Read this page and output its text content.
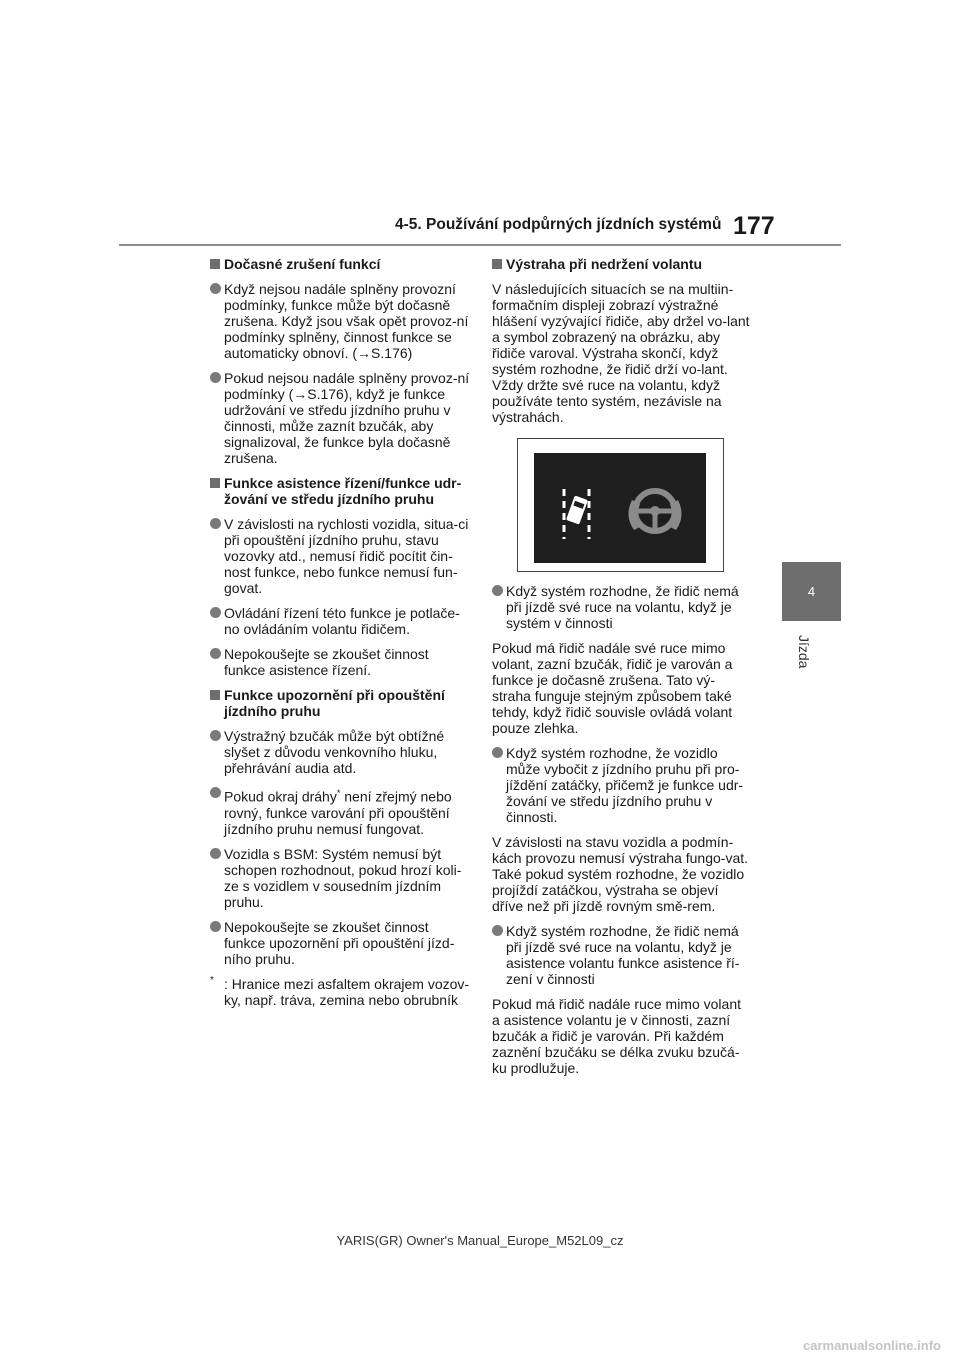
4-5. Používání podpůrných jízdních systémů 177
4
Jízda
Dočasné zrušení funkcí
Když nejsou nadále splněny provozní podmínky, funkce může být dočasně zrušena. Když jsou však opět provoz-ní podmínky splněny, činnost funkce se automaticky obnoví. (→S.176)
Pokud nejsou nadále splněny provoz-ní podmínky (→S.176), když je funkce udržování ve středu jízdního pruhu v činnosti, může zaznít bzučák, aby signalizoval, že funkce byla dočasně zrušena.
Funkce asistence řízení/funkce udr-žování ve středu jízdního pruhu
V závislosti na rychlosti vozidla, situa-ci při opouštění jízdního pruhu, stavu vozovky atd., nemusí řidič pocítit čin-nost funkce, nebo funkce nemusí fun-govat.
Ovládání řízení této funkce je potlače-no ovládáním volantu řidičem.
Nepokoušejte se zkoušet činnost funkce asistence řízení.
Funkce upozornění při opouštění jízdního pruhu
Výstražný bzučák může být obtížné slyšet z důvodu venkovního hluku, přehrávání audia atd.
Pokud okraj dráhy* není zřejmý nebo rovný, funkce varování při opouštění jízdního pruhu nemusí fungovat.
Vozidla s BSM: Systém nemusí být schopen rozhodnout, pokud hrozí koli-ze s vozidlem v sousedním jízdním pruhu.
Nepokoušejte se zkoušet činnost funkce upozornění při opouštění jízd-ního pruhu.
* : Hranice mezi asfaltem okrajem vozov-ky, např. tráva, zemina nebo obrubník
Výstraha při nedržení volantu
V následujících situacích se na multiin-formačním displeji zobrazí výstražné hlášení vyzývající řidiče, aby držel vo-lant a symbol zobrazený na obrázku, aby řidiče varoval. Výstraha skončí, když systém rozhodne, že řidič drží vo-lant. Vždy držte své ruce na volantu, když používáte tento systém, nezávisle na výstrahách.
Když systém rozhodne, že řidič nemá při jízdě své ruce na volantu, když je systém v činnosti
Pokud má řidič nadále své ruce mimo volant, zazní bzučák, řidič je varován a funkce je dočasně zrušena. Tato vý-straha funguje stejným způsobem také tehdy, když řidič souvisle ovládá volant pouze zlehka.
Když systém rozhodne, že vozidlo může vybočit z jízdního pruhu při pro-jíždění zatáčky, přičemž je funkce udr-žování ve středu jízdního pruhu v činnosti.
V závislosti na stavu vozidla a podmín-kách provozu nemusí výstraha fungo-vat. Také pokud systém rozhodne, že vozidlo projíždí zatáčkou, výstraha se objeví dříve než při jízdě rovným smě-rem.
Když systém rozhodne, že řidič nemá při jízdě své ruce na volantu, když je asistence volantu funkce asistence ří-zení v činnosti
Pokud má řidič nadále ruce mimo volant a asistence volantu je v činnosti, zazní bzučák a řidič je varován. Při každém zaznění bzučáku se délka zvuku bzučá-ku prodlužuje.
YARIS(GR) Owner's Manual_Europe_M52L09_cz
carmanualsonline.info
